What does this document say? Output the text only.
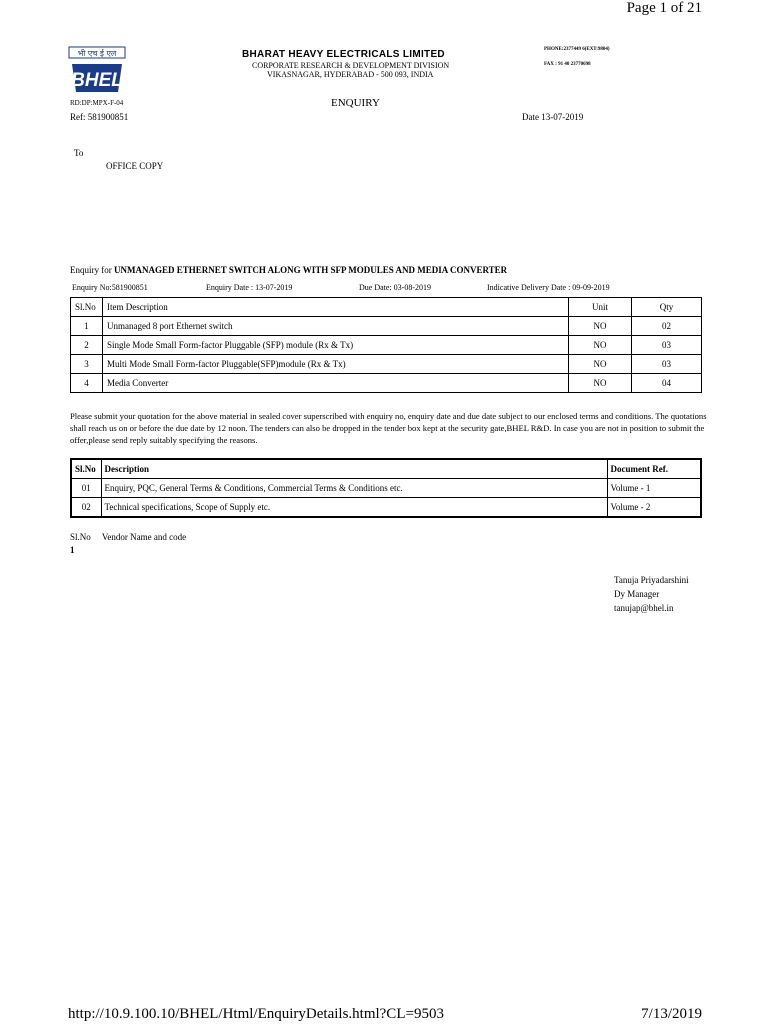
Page 1 of 21
भी एच ई एल
BHEL
BHARAT HEAVY ELECTRICALS LIMITED
CORPORATE RESEARCH & DEVELOPMENT DIVISION
VIKASNAGAR, HYDERABAD - 500 093, INDIA
PHONE:2377449 6(EXT:9804)
FAX : 91 40 23770698
RD:DP:MPX-F-04	ENQUIRY
Ref: 581900851	Date 13-07-2019
To
OFFICE COPY
Enquiry for UNMANAGED ETHERNET SWITCH ALONG WITH SFP MODULES AND MEDIA CONVERTER
Enquiry No:581900851	Enquiry Date : 13-07-2019	Due Date: 03-08-2019	Indicative Delivery Date : 09-09-2019
Sl.No	Item Description	Unit	Qty
1	Unmanaged 8 port Ethernet switch	NO	02
2	Single Mode Small Form-factor Pluggable (SFP) module (Rx & Tx)	NO	03
3	Multi Mode Small Form-factor Pluggable(SFP)module (Rx & Tx)	NO	03
4	Media Converter	NO	04
Please submit your quotation for the above material in sealed cover superscribed with enquiry no, enquiry date and due date subject to our enclosed terms and conditions. The quotations shall reach us on or before the due date by 12 noon. The tenders can also be dropped in the tender box kept at the security gate,BHEL R&D. In case you are not in position to submit the offer,please send reply suitably specifying the reasons.
Sl.No	Description	Document Ref.
01	Enquiry, PQC, General Terms & Conditions, Commercial Terms & Conditions etc.	Volume - 1
02	Technical specifications, Scope of Supply etc.	Volume - 2
Sl.No Vendor Name and code
1
Tanuja Priyadarshini
Dy Manager
tanujap@bhel.in
http://10.9.100.10/BHEL/Html/EnquiryDetails.html?CL=9503	7/13/2019
